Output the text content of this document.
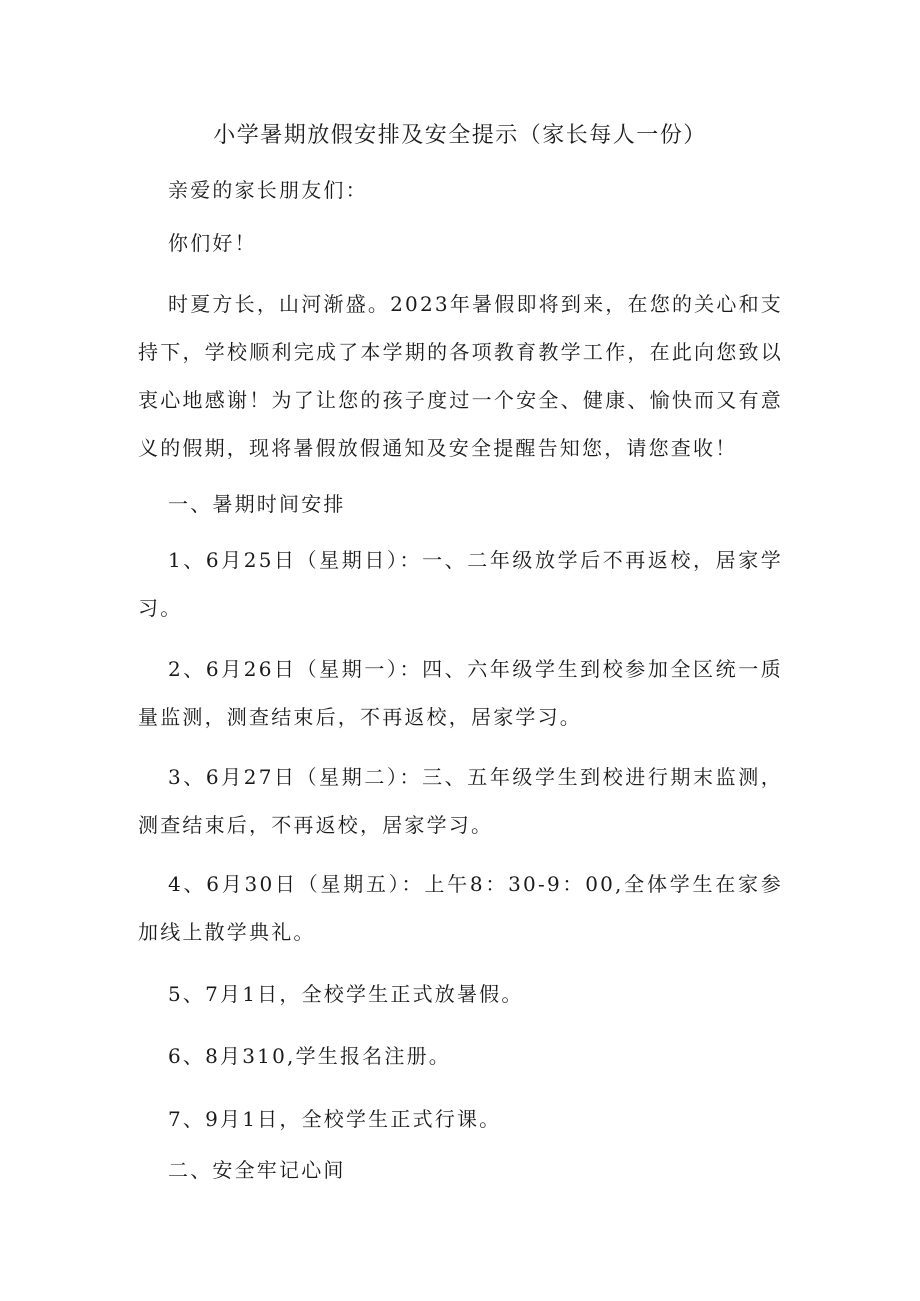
小学暑期放假安排及安全提示（家长每人一份）

亲爱的家长朋友们：

你们好！

时夏方长，山河渐盛。2023年暑假即将到来，在您的关心和支持下，学校顺利完成了本学期的各项教育教学工作，在此向您致以衷心地感谢！为了让您的孩子度过一个安全、健康、愉快而又有意义的假期，现将暑假放假通知及安全提醒告知您，请您查收！

一、暑期时间安排

1、6月25日（星期日）：一、二年级放学后不再返校，居家学习。

2、6月26日（星期一）：四、六年级学生到校参加全区统一质量监测，测查结束后，不再返校，居家学习。

3、6月27日（星期二）：三、五年级学生到校进行期末监测，测查结束后，不再返校，居家学习。

4、6月30日（星期五）：上午8：30-9：00,全体学生在家参加线上散学典礼。

5、7月1日，全校学生正式放暑假。

6、8月310,学生报名注册。

7、9月1日，全校学生正式行课。

二、安全牢记心间
